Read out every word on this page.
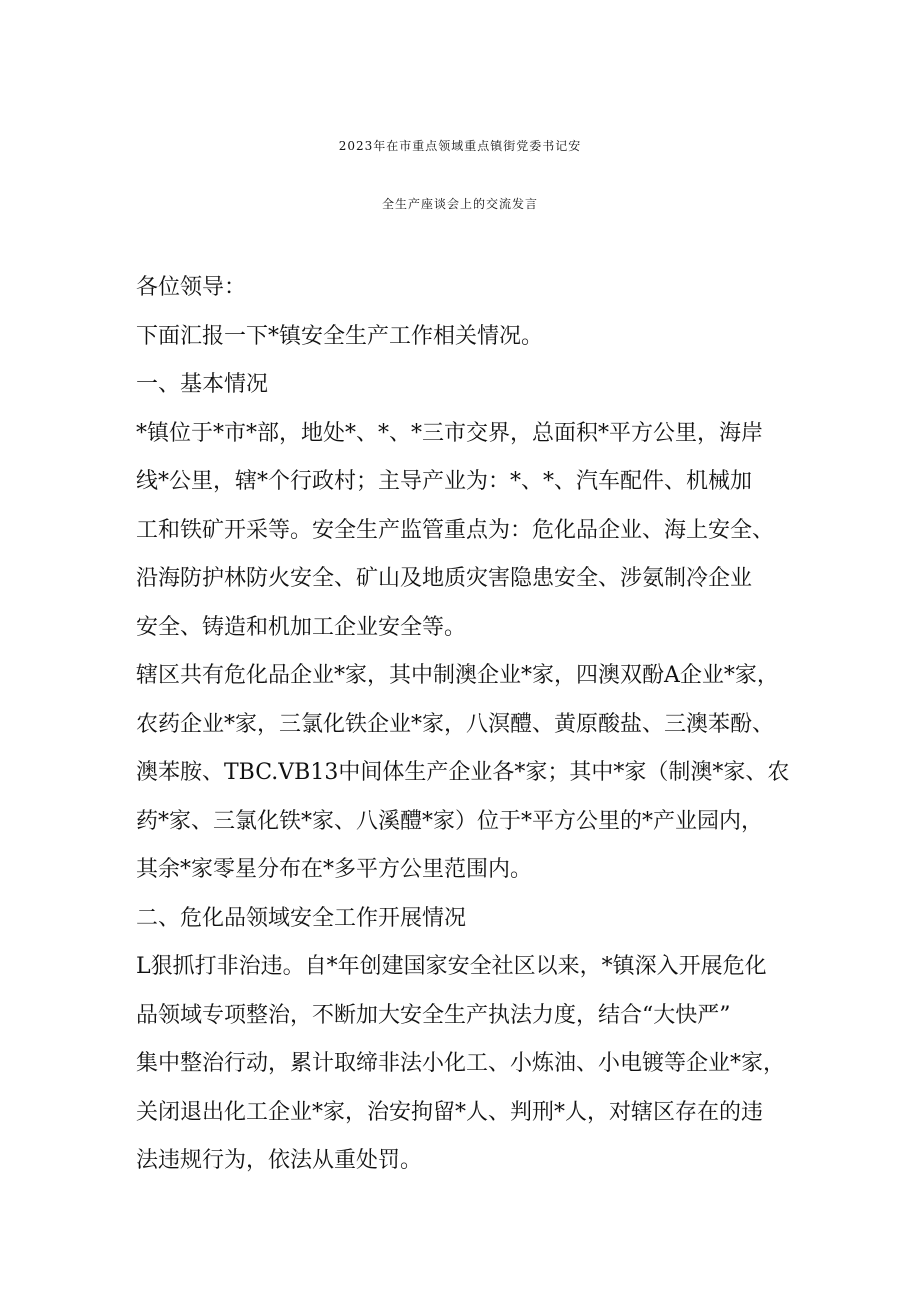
2023年在市重点领域重点镇街党委书记安
全生产座谈会上的交流发言

各位领导：

下面汇报一下*镇安全生产工作相关情况。

一、基本情况

*镇位于*市*部，地处*、*、*三市交界，总面积*平方公里，海岸

线*公里，辖*个行政村；主导产业为：*、*、汽车配件、机械加

工和铁矿开采等。安全生产监管重点为：危化品企业、海上安全、

沿海防护林防火安全、矿山及地质灾害隐患安全、涉氨制冷企业

安全、铸造和机加工企业安全等。

辖区共有危化品企业*家，其中制澳企业*家，四澳双酚A企业*家，

农药企业*家，三氯化铁企业*家，八溟醴、黄原酸盐、三澳苯酚、

澳苯胺、TBC.VB13中间体生产企业各*家；其中*家（制澳*家、农

药*家、三氯化铁*家、八溪醴*家）位于*平方公里的*产业园内，

其余*家零星分布在*多平方公里范围内。

二、危化品领域安全工作开展情况

L狠抓打非治违。自*年创建国家安全社区以来，*镇深入开展危化

品领域专项整治，不断加大安全生产执法力度，结合“大快严”

集中整治行动，累计取缔非法小化工、小炼油、小电镀等企业*家，

关闭退出化工企业*家，治安拘留*人、判刑*人，对辖区存在的违

法违规行为，依法从重处罚。
